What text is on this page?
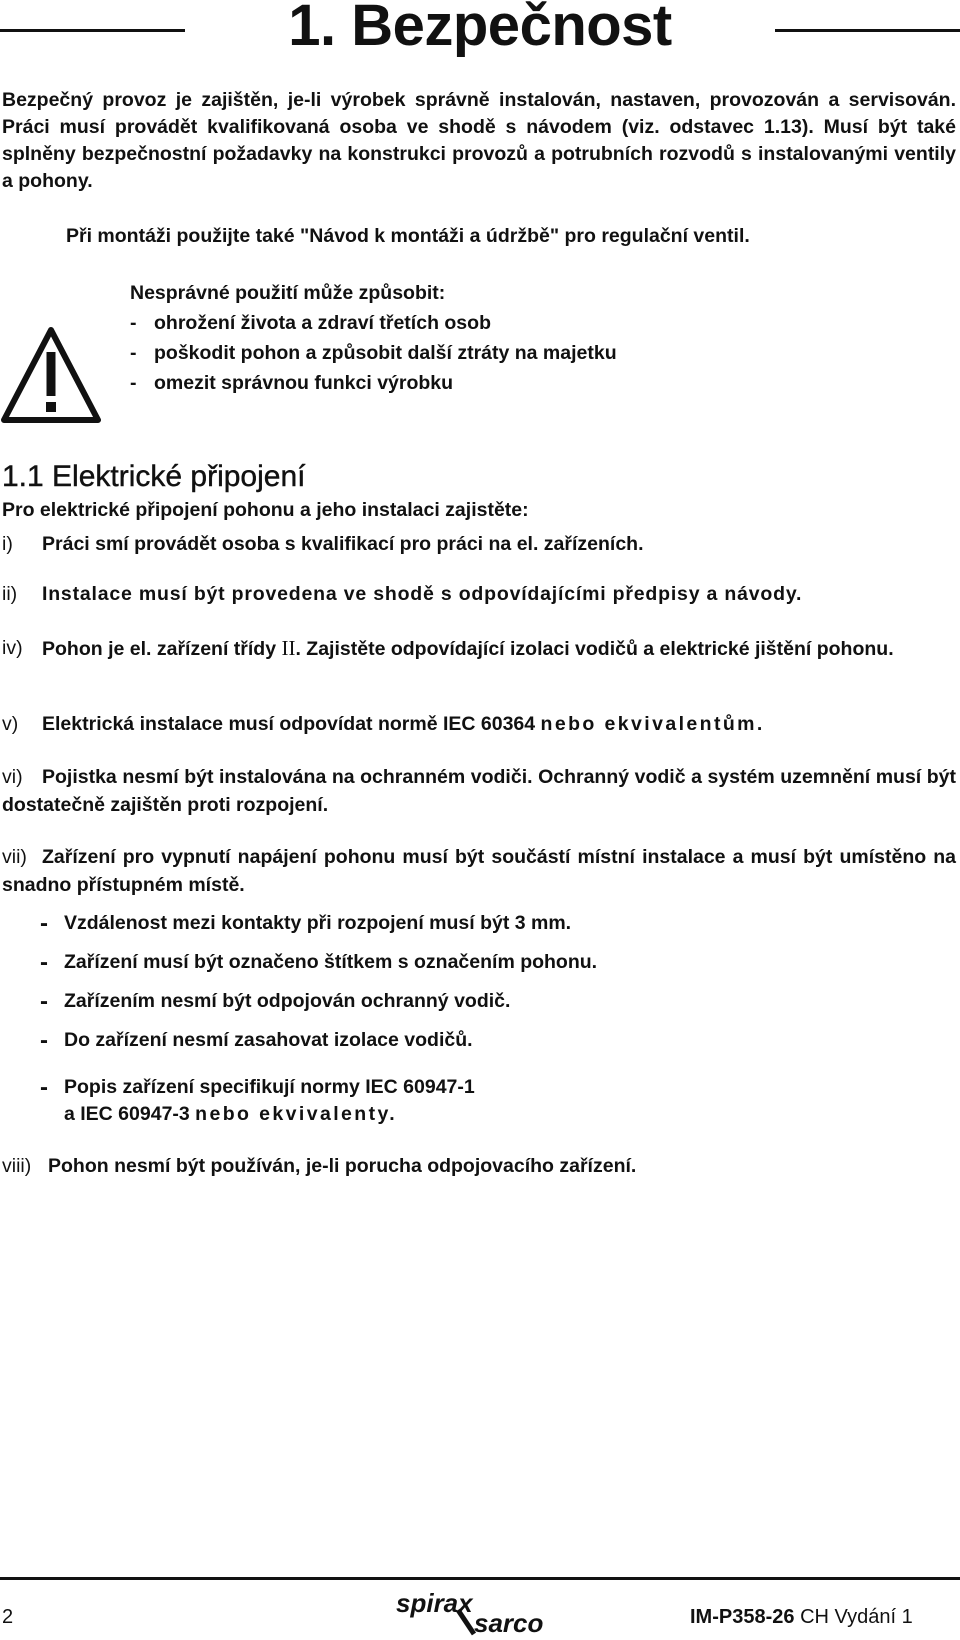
1. Bezpečnost

Bezpečný provoz je zajištěn, je-li výrobek správně instalován, nastaven, provozován a servisován. Práci musí provádět kvalifikovaná osoba ve shodě s návodem (viz. odstavec 1.13). Musí být také splněny bezpečnostní požadavky na konstrukci provozů a potrubních rozvodů s instalovanými ventily a pohony.

Při montáži použijte také "Návod k montáži a údržbě" pro regulační ventil.

Nesprávné použití může způsobit:
- ohrožení života a zdraví třetích osob
- poškodit pohon a způsobit další ztráty na majetku
- omezit správnou funkci výrobku
1.1 Elektrické připojení

Pro elektrické připojení pohonu a jeho instalaci zajistěte:

i) Práci smí provádět osoba s kvalifikací pro práci na el. zařízeních.
ii) Instalace musí být provedena ve shodě s odpovídajícími předpisy a návody.
iv) Pohon je el. zařízení třídy II. Zajistěte odpovídající izolaci vodičů a elektrické jištění pohonu.
v) Elektrická instalace musí odpovídat normě IEC 60364 nebo ekvivalentům.
vi) Pojistka nesmí být instalována na ochranném vodiči. Ochranný vodič a systém uzemnění musí být dostatečně zajištěn proti rozpojení.
vii) Zařízení pro vypnutí napájení pohonu musí být součástí místní instalace a musí být umístěno na snadno přístupném místě.
- Vzdálenost mezi kontakty při rozpojení musí být 3 mm.
- Zařízení musí být označeno štítkem s označením pohonu.
- Zařízením nesmí být odpojován ochranný vodič.
- Do zařízení nesmí zasahovat izolace vodičů.
- Popis zařízení specifikují normy IEC 60947-1
a IEC 60947-3 nebo ekvivalenty.
viii) Pohon nesmí být používán, je-li porucha odpojovacího zařízení.
2	spirax
sarco	IM-P358-26 CH Vydání 1
